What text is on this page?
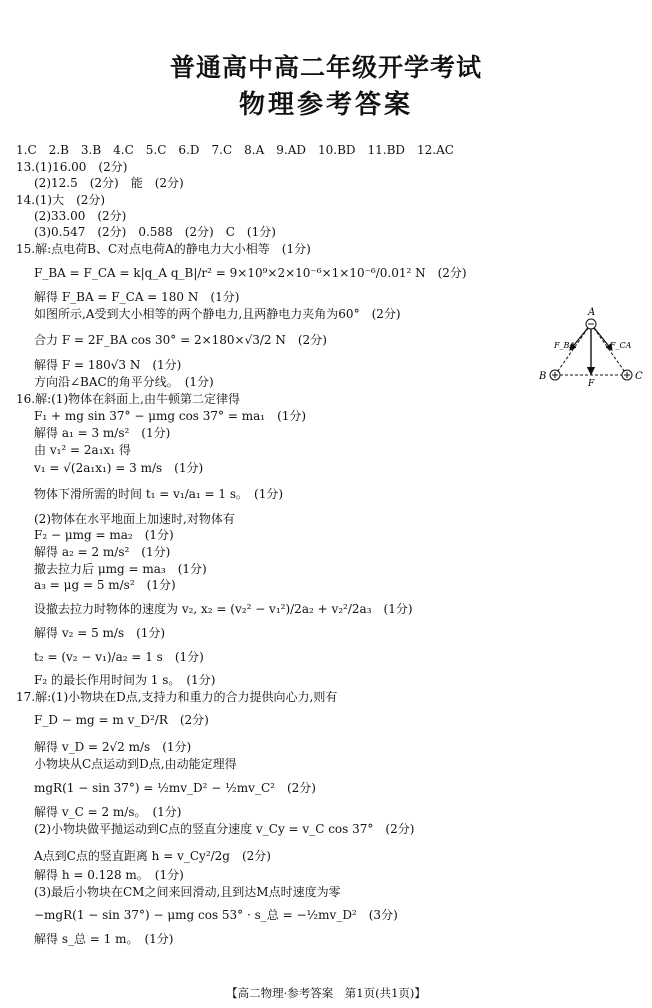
普通高中高二年级开学考试
物理参考答案
1.C　2.B　3.B　4.C　5.C　6.D　7.C　8.A　9.AD　10.BD　11.BD　12.AC
13.(1)16.00　(2分)
(2)12.5　(2分)　能　(2分)
14.(1)大　(2分)
(2)33.00　(2分)
(3)0.547　(2分)　0.588　(2分)　C　(1分)
15.解:点电荷B、C对点电荷A的静电力大小相等　(1分)
F_BA = F_CA = k|q_A q_B|/r² = 9×10⁹×2×10⁻⁶×1×10⁻⁶/0.01² N　(2分)
解得 F_BA = F_CA = 180 N　(1分)
如图所示,A受到大小相等的两个静电力,且两静电力夹角为60°　(2分)
合力 F = 2F_BA cos 30° = 2×180×√3/2 N　(2分)
解得 F = 180√3 N　(1分)
方向沿∠BAC的角平分线。　(1分)
16.解:(1)物体在斜面上,由牛顿第二定律得
F₁ + mg sin 37° − μmg cos 37° = ma₁　(1分)
解得 a₁ = 3 m/s²　(1分)
由 v₁² = 2a₁x₁ 得
v₁ = √(2a₁x₁) = 3 m/s　(1分)
物体下滑所需的时间 t₁ = v₁/a₁ = 1 s。　(1分)
(2)物体在水平地面上加速时,对物体有
F₂ − μmg = ma₂　(1分)
解得 a₂ = 2 m/s²　(1分)
撤去拉力后 μmg = ma₃　(1分)
a₃ = μg = 5 m/s²　(1分)
设撤去拉力时物体的速度为 v₂, x₂ = (v₂² − v₁²)/2a₂ + v₂²/2a₃　(1分)
解得 v₂ = 5 m/s　(1分)
t₂ = (v₂ − v₁)/a₂ = 1 s　(1分)
F₂ 的最长作用时间为 1 s。　(1分)
17.解:(1)小物块在D点,支持力和重力的合力提供向心力,则有
F_D − mg = m v_D²/R　(2分)
解得 v_D = 2√2 m/s　(1分)
小物块从C点运动到D点,由动能定理得
mgR(1 − sin 37°) = ½mv_D² − ½mv_C²　(2分)
解得 v_C = 2 m/s。　(1分)
(2)小物块做平抛运动到C点的竖直分速度 v_Cy = v_C cos 37°　(2分)
A点到C点的竖直距离 h = v_Cy²/2g　(2分)
解得 h = 0.128 m。　(1分)
(3)最后小物块在CM之间来回滑动,且到达M点时速度为零
−mgR(1 − sin 37°) − μmg cos 53° · s_总 = −½mv_D²　(3分)
解得 s_总 = 1 m。　(1分)
A
B	C
F
F_BA	F_CA
【高二物理·参考答案　第1页(共1页)】
